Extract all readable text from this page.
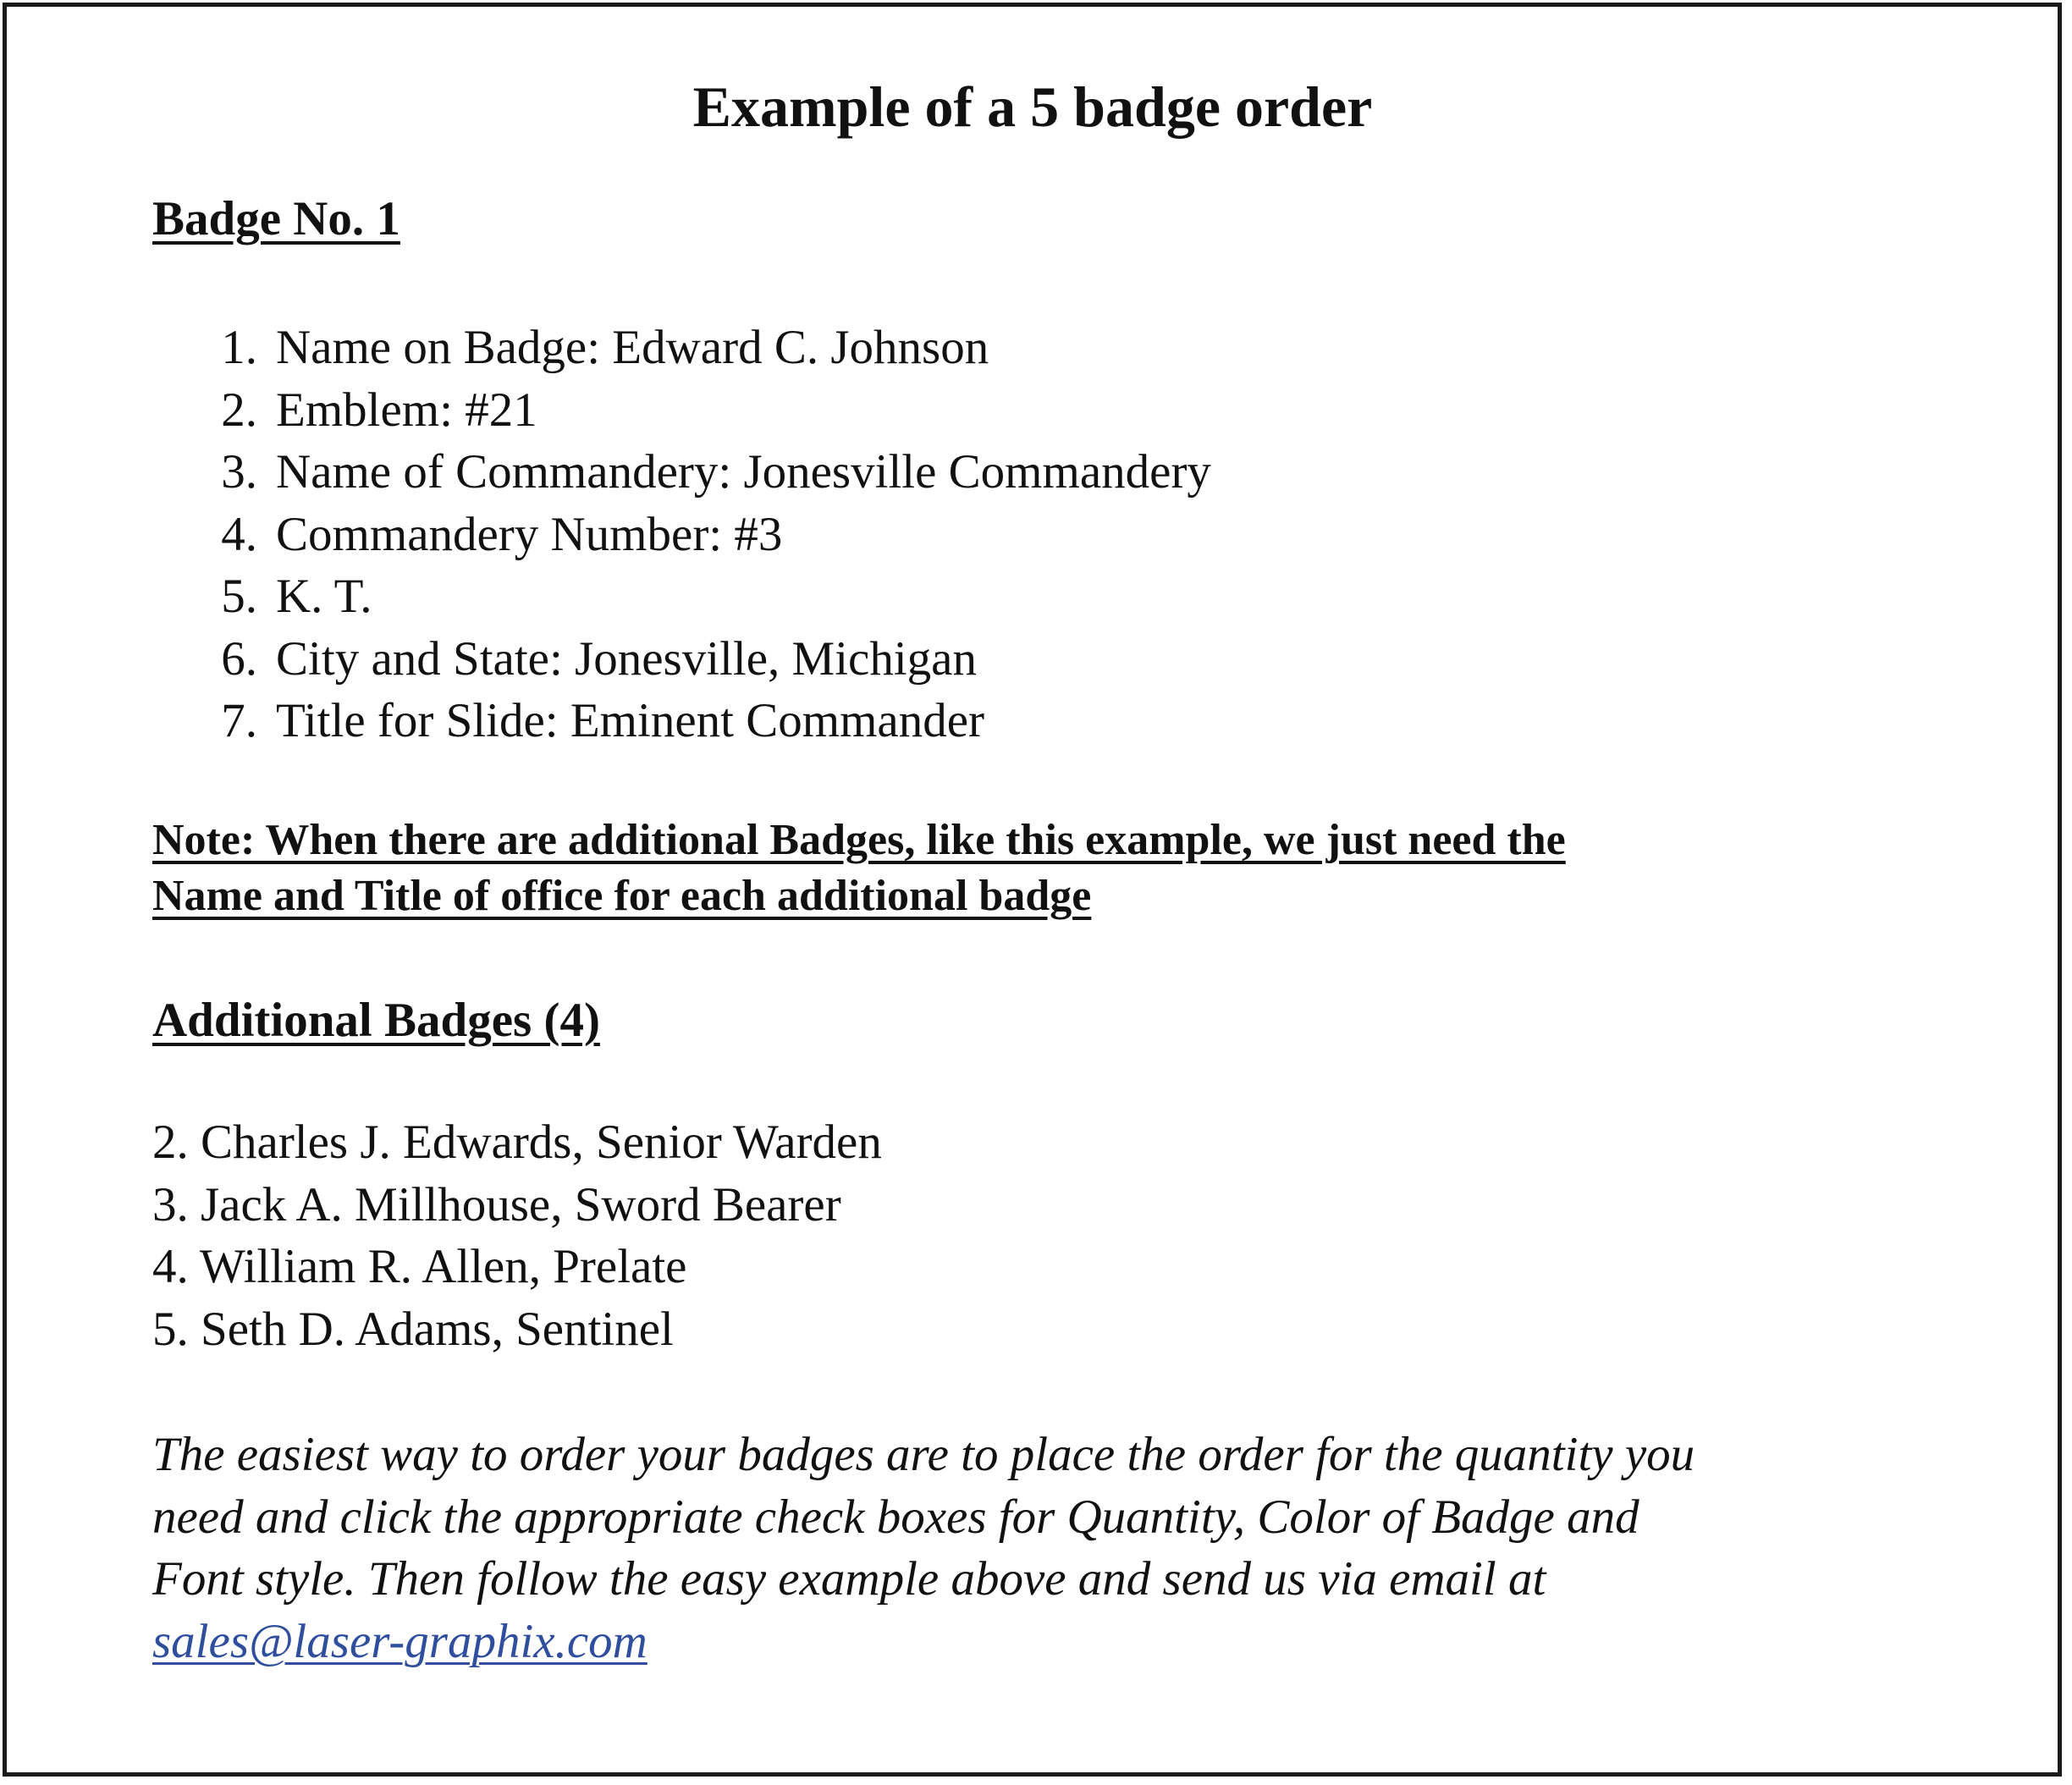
Example of a 5 badge order
Badge No. 1
1. Name on Badge: Edward C. Johnson
2. Emblem: #21
3. Name of Commandery: Jonesville Commandery
4. Commandery Number: #3
5. K. T.
6. City and State: Jonesville, Michigan
7. Title for Slide: Eminent Commander

Note: When there are additional Badges, like this example, we just need the
Name and Title of office for each additional badge

Additional Badges (4)
2. Charles J. Edwards, Senior Warden
3. Jack A. Millhouse, Sword Bearer
4. William R. Allen, Prelate
5. Seth D. Adams, Sentinel

The easiest way to order your badges are to place the order for the quantity you
need and click the appropriate check boxes for Quantity, Color of Badge and
Font style. Then follow the easy example above and send us via email at
sales@laser-graphix.com
